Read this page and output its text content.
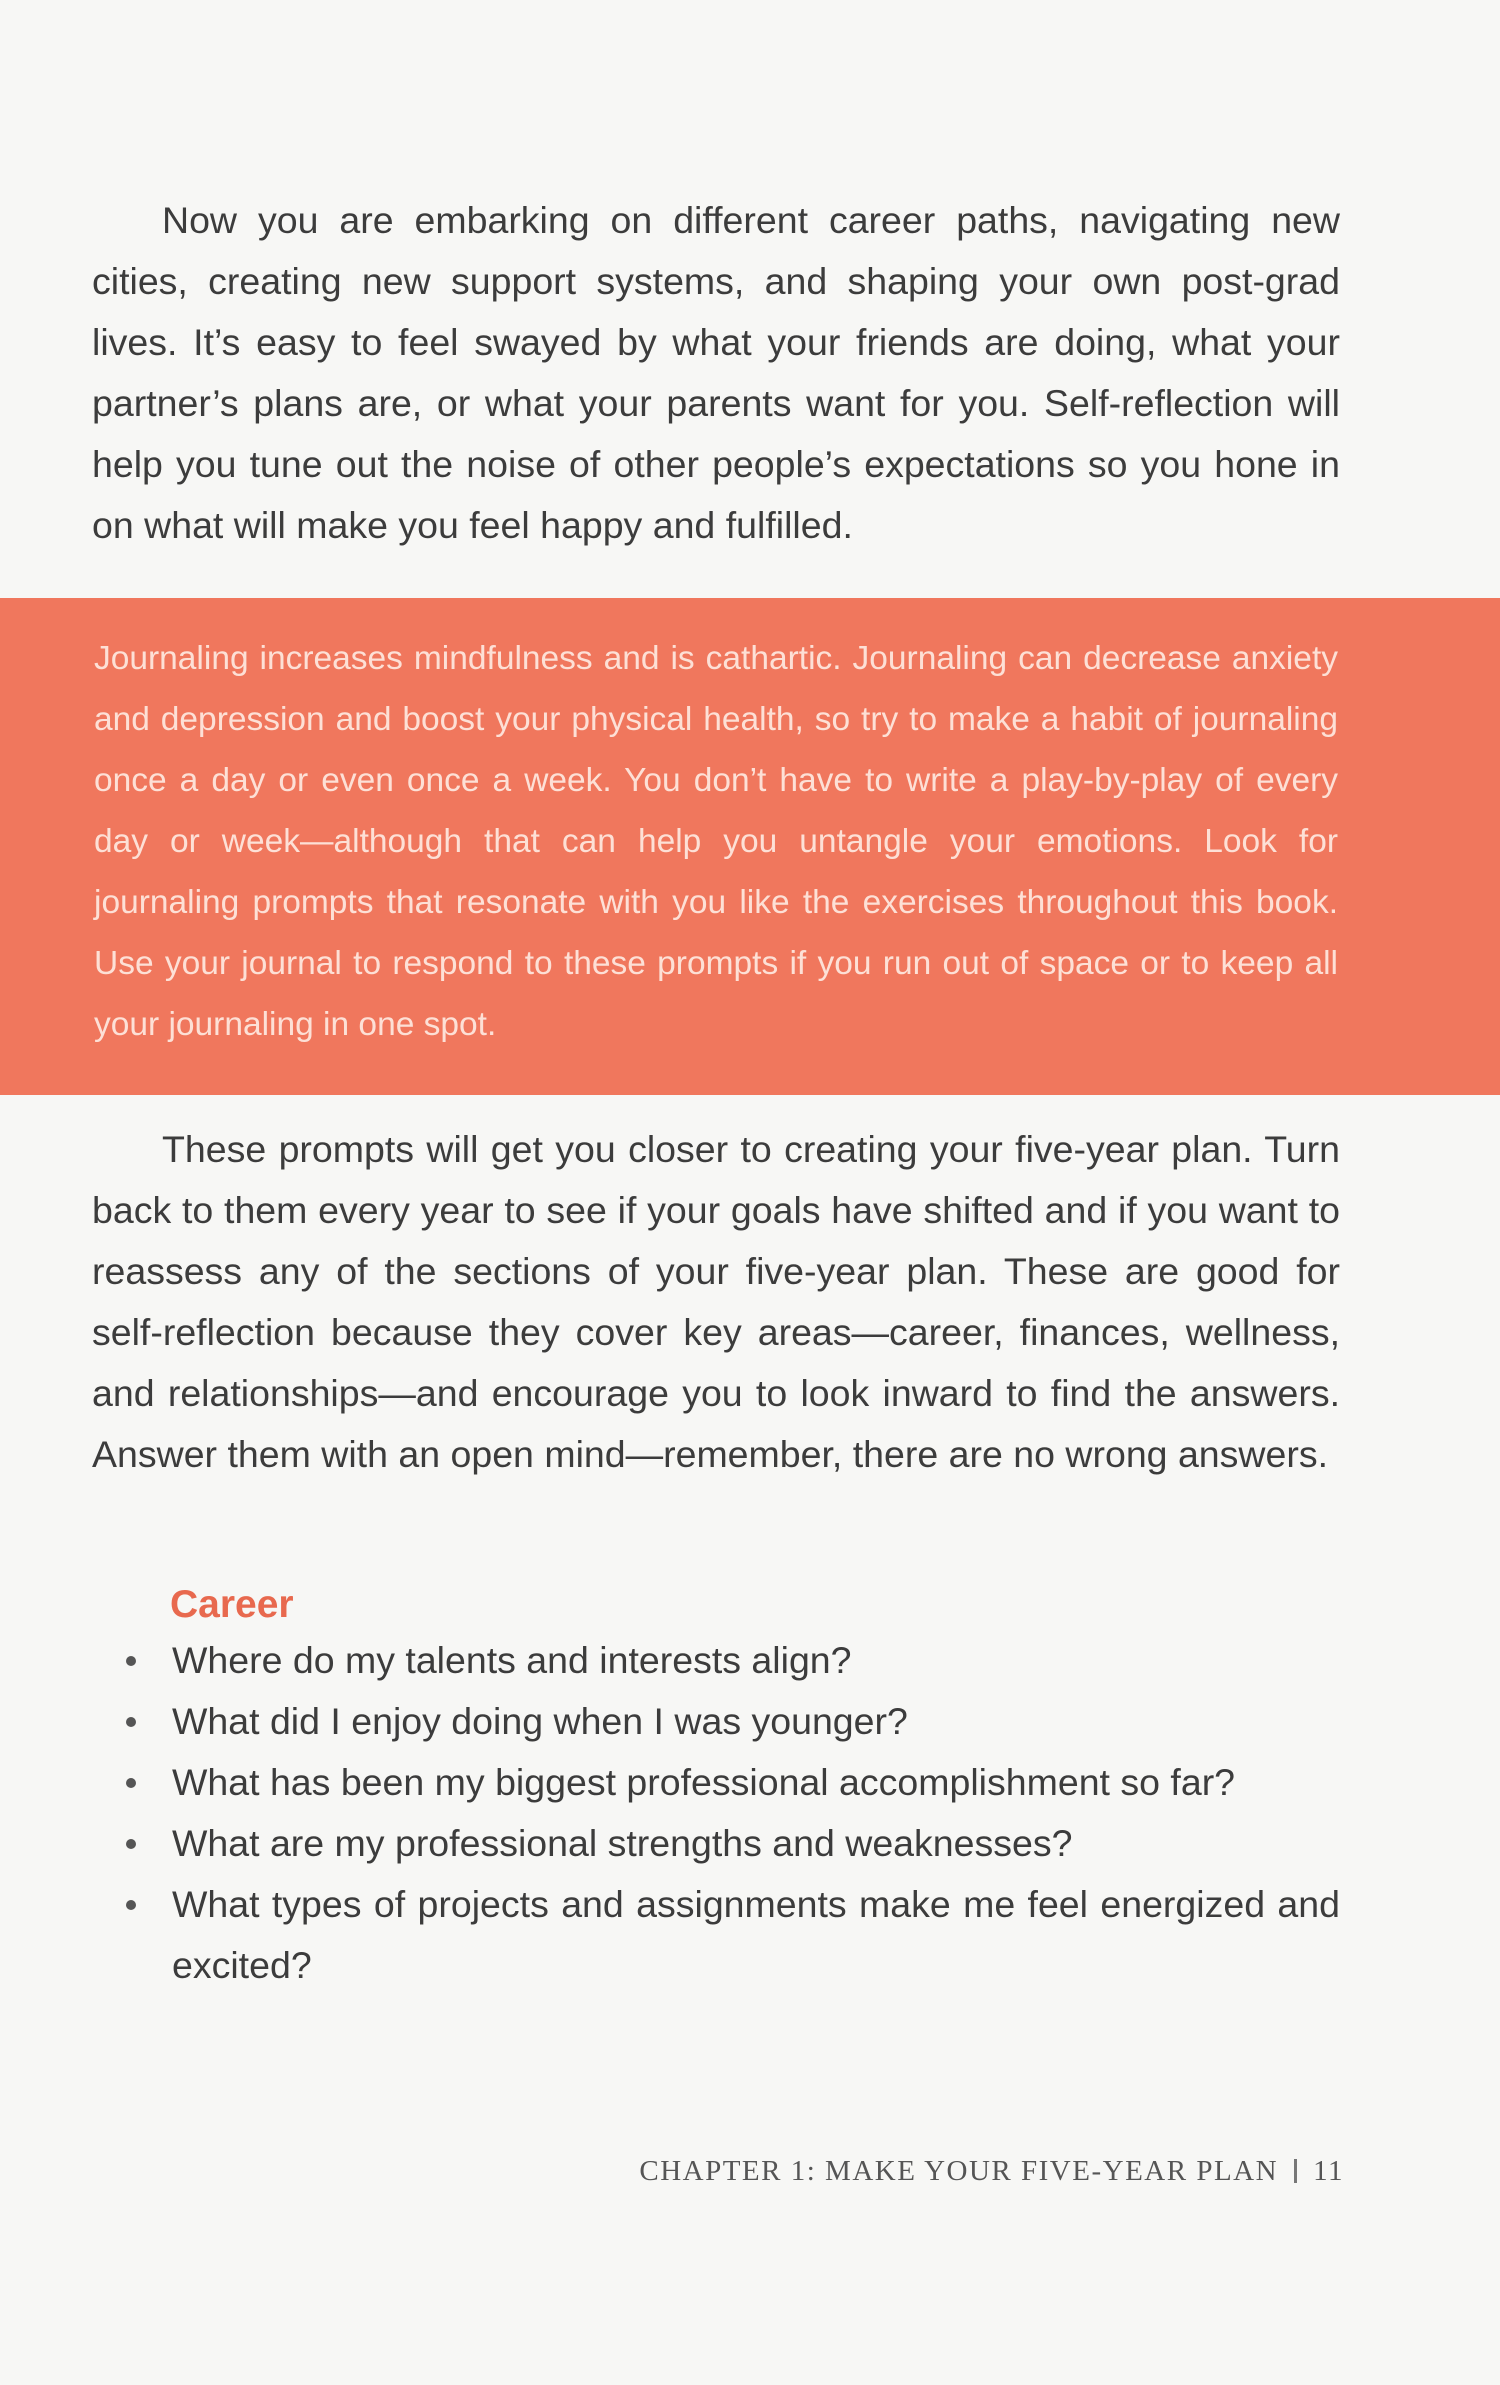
Now you are embarking on different career paths, navigating new cities, creating new support systems, and shaping your own post-grad lives. It’s easy to feel swayed by what your friends are doing, what your partner’s plans are, or what your parents want for you. Self-reflection will help you tune out the noise of other people’s expectations so you hone in on what will make you feel happy and fulfilled.

Journaling increases mindfulness and is cathartic. Journaling can decrease anxiety and depression and boost your physical health, so try to make a habit of journaling once a day or even once a week. You don’t have to write a play-by-play of every day or week—although that can help you untangle your emotions. Look for journaling prompts that resonate with you like the exercises throughout this book. Use your journal to respond to these prompts if you run out of space or to keep all your journaling in one spot.

These prompts will get you closer to creating your five-year plan. Turn back to them every year to see if your goals have shifted and if you want to reassess any of the sections of your five-year plan. These are good for self-reflection because they cover key areas—career, finances, wellness, and relationships—and encourage you to look inward to find the answers. Answer them with an open mind—remember, there are no wrong answers.

Career
Where do my talents and interests align?
What did I enjoy doing when I was younger?
What has been my biggest professional accomplishment so far?
What are my professional strengths and weaknesses?
What types of projects and assignments make me feel energized and excited?
CHAPTER 1: MAKE YOUR FIVE-YEAR PLAN 11
